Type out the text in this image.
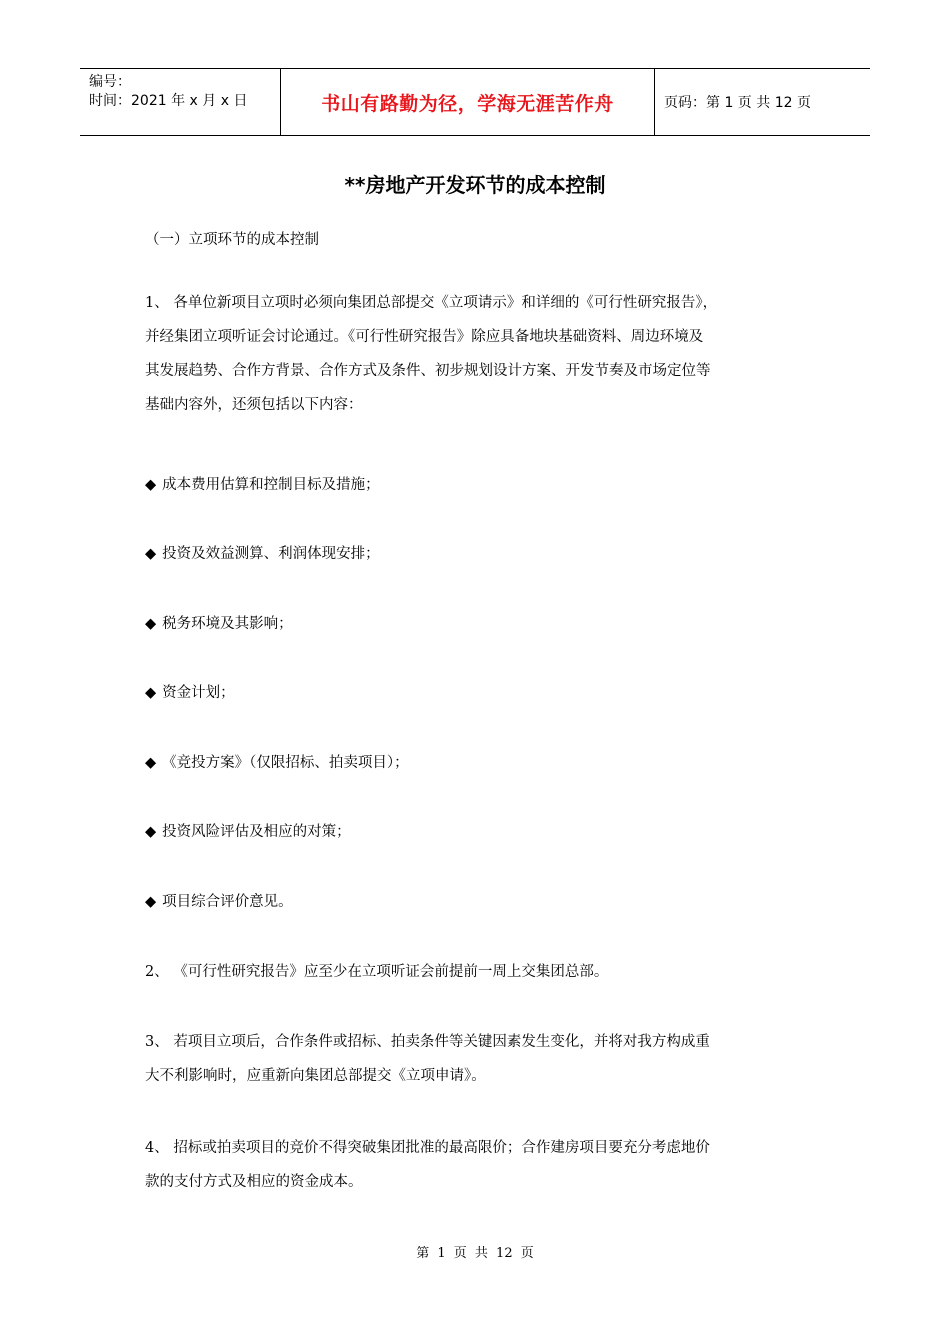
编号：
时间：2021 年 x 月 x 日	书山有路勤为径，学海无涯苦作舟	页码：第 1 页 共 12 页
**房地产开发环节的成本控制
（一）立项环节的成本控制
1、 各单位新项目立项时必须向集团总部提交《立项请示》和详细的《可行性研究报告》，
并经集团立项听证会讨论通过。《可行性研究报告》除应具备地块基础资料、周边环境及
其发展趋势、合作方背景、合作方式及条件、初步规划设计方案、开发节奏及市场定位等
基础内容外，还须包括以下内容：
◆ 成本费用估算和控制目标及措施；
◆ 投资及效益测算、利润体现安排；
◆ 税务环境及其影响；
◆ 资金计划；
◆ 《竞投方案》（仅限招标、拍卖项目）；
◆ 投资风险评估及相应的对策；
◆ 项目综合评价意见。
2、 《可行性研究报告》应至少在立项听证会前提前一周上交集团总部。
3、 若项目立项后，合作条件或招标、拍卖条件等关键因素发生变化，并将对我方构成重
大不利影响时，应重新向集团总部提交《立项申请》。
4、 招标或拍卖项目的竞价不得突破集团批准的最高限价；合作建房项目要充分考虑地价
款的支付方式及相应的资金成本。
第 1 页 共 12 页
